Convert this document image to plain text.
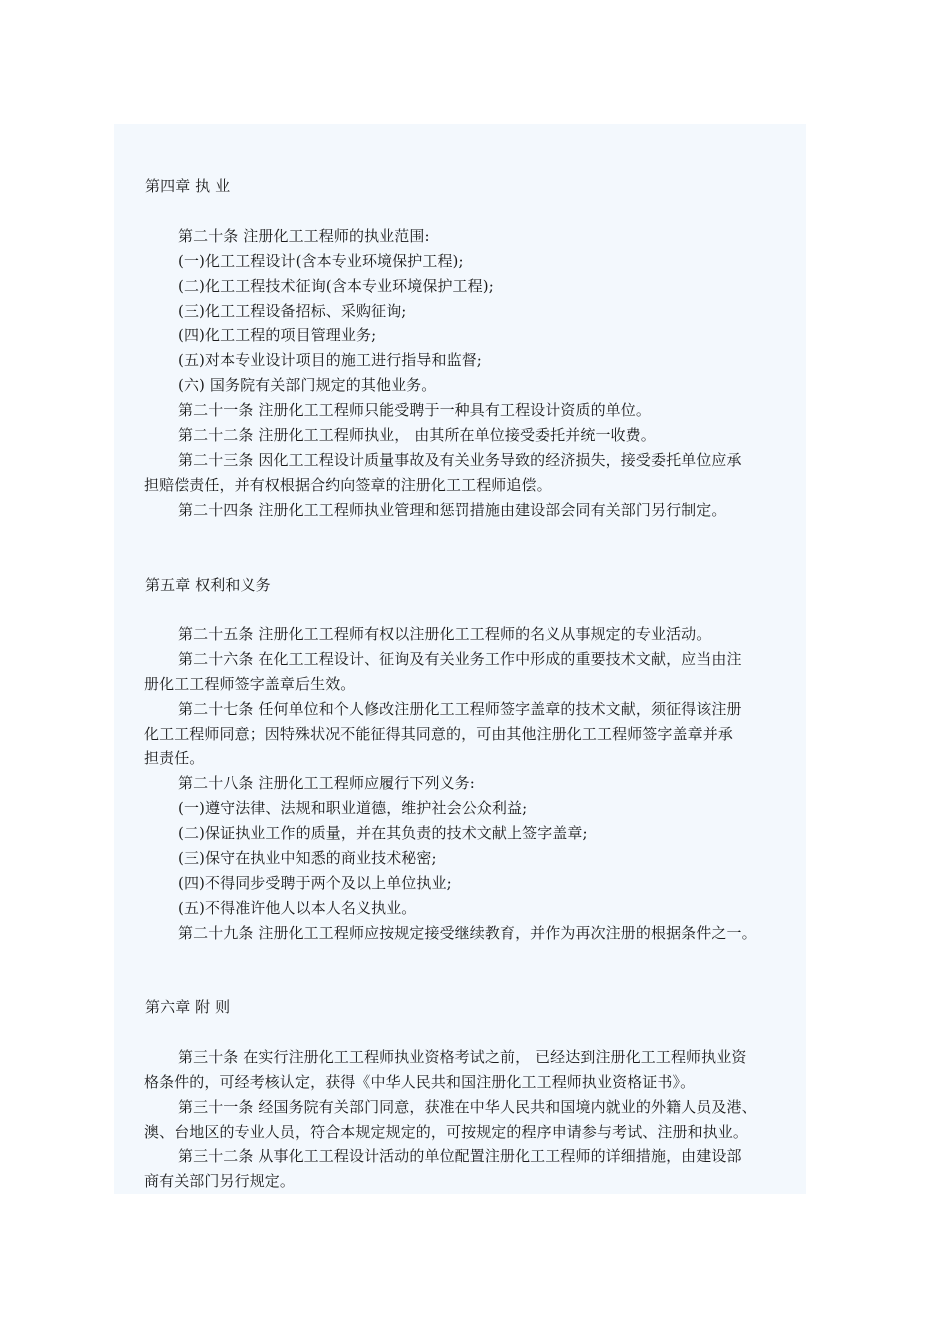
第四章 执 业
第二十条 注册化工工程师的执业范围:
(一)化工工程设计(含本专业环境保护工程);
(二)化工工程技术征询(含本专业环境保护工程);
(三)化工工程设备招标、采购征询;
(四)化工工程的项目管理业务;
(五)对本专业设计项目的施工进行指导和监督;
(六) 国务院有关部门规定的其他业务。
第二十一条 注册化工工程师只能受聘于一种具有工程设计资质的单位。
第二十二条 注册化工工程师执业， 由其所在单位接受委托并统一收费。
第二十三条 因化工工程设计质量事故及有关业务导致的经济损失，接受委托单位应承
担赔偿责任，并有权根据合约向签章的注册化工工程师追偿。
第二十四条 注册化工工程师执业管理和惩罚措施由建设部会同有关部门另行制定。
第五章 权利和义务
第二十五条 注册化工工程师有权以注册化工工程师的名义从事规定的专业活动。
第二十六条 在化工工程设计、征询及有关业务工作中形成的重要技术文献，应当由注
册化工工程师签字盖章后生效。
第二十七条 任何单位和个人修改注册化工工程师签字盖章的技术文献，须征得该注册
化工工程师同意；因特殊状况不能征得其同意的，可由其他注册化工工程师签字盖章并承
担责任。
第二十八条 注册化工工程师应履行下列义务:
(一)遵守法律、法规和职业道德，维护社会公众利益;
(二)保证执业工作的质量，并在其负责的技术文献上签字盖章;
(三)保守在执业中知悉的商业技术秘密;
(四)不得同步受聘于两个及以上单位执业;
(五)不得准许他人以本人名义执业。
第二十九条 注册化工工程师应按规定接受继续教育，并作为再次注册的根据条件之一。
第六章 附 则
第三十条 在实行注册化工工程师执业资格考试之前， 已经达到注册化工工程师执业资
格条件的，可经考核认定，获得《中华人民共和国注册化工工程师执业资格证书》。
第三十一条 经国务院有关部门同意，获准在中华人民共和国境内就业的外籍人员及港、
澳、台地区的专业人员，符合本规定规定的，可按规定的程序申请参与考试、注册和执业。
第三十二条 从事化工工程设计活动的单位配置注册化工工程师的详细措施，由建设部
商有关部门另行规定。
